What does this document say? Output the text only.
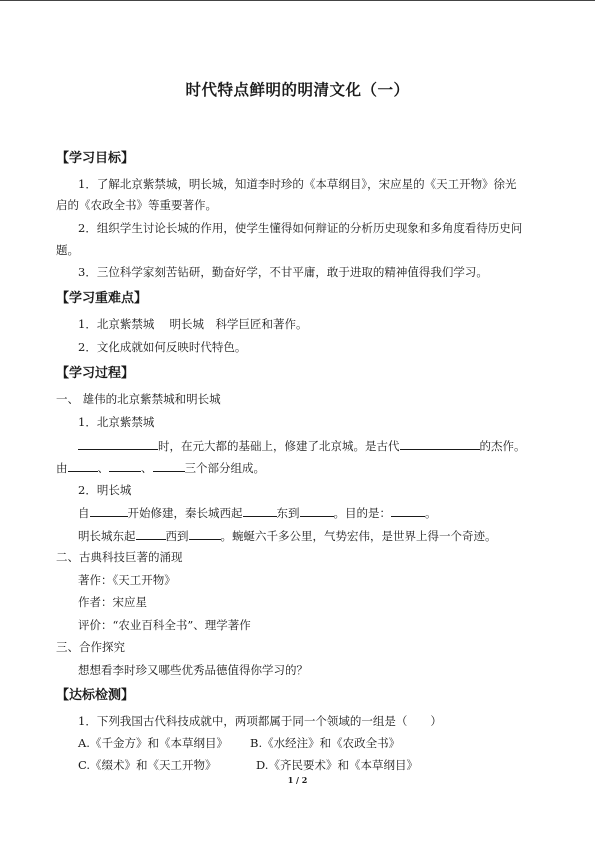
时代特点鲜明的明清文化（一）
【学习目标】
1．了解北京紫禁城，明长城，知道李时珍的《本草纲目》，宋应星的《天工开物》徐光
启的《农政全书》等重要著作。
2．组织学生讨论长城的作用，使学生懂得如何辩证的分析历史现象和多角度看待历史问
题。
3．三位科学家刻苦钻研，勤奋好学，不甘平庸，敢于进取的精神值得我们学习。
【学习重难点】
1．北京紫禁城　 明长城　科学巨匠和著作。
2．文化成就如何反映时代特色。
【学习过程】
一、 雄伟的北京紫禁城和明长城
1．北京紫禁城
时，在元大都的基础上，修建了北京城。是古代	的杰作。
由	、	、	三个部分组成。
2．明长城
自	开始修建，秦长城西起	东到	。目的是：	。
明长城东起	西到	。蜿蜒六千多公里，气势宏伟，是世界上得一个奇迹。
二、古典科技巨著的涌现
著作：《天工开物》
作者：宋应星
评价：“农业百科全书”、理学著作
三、合作探究
想想看李时珍又哪些优秀品德值得你学习的？
【达标检测】
1．下列我国古代科技成就中，两项都属于同一个领域的一组是（　　）
A.《千金方》和《本草纲目》 B.《水经注》和《农政全书》
C.《缀术》和《天工开物》	D.《齐民要术》和《本草纲目》
1 / 2
